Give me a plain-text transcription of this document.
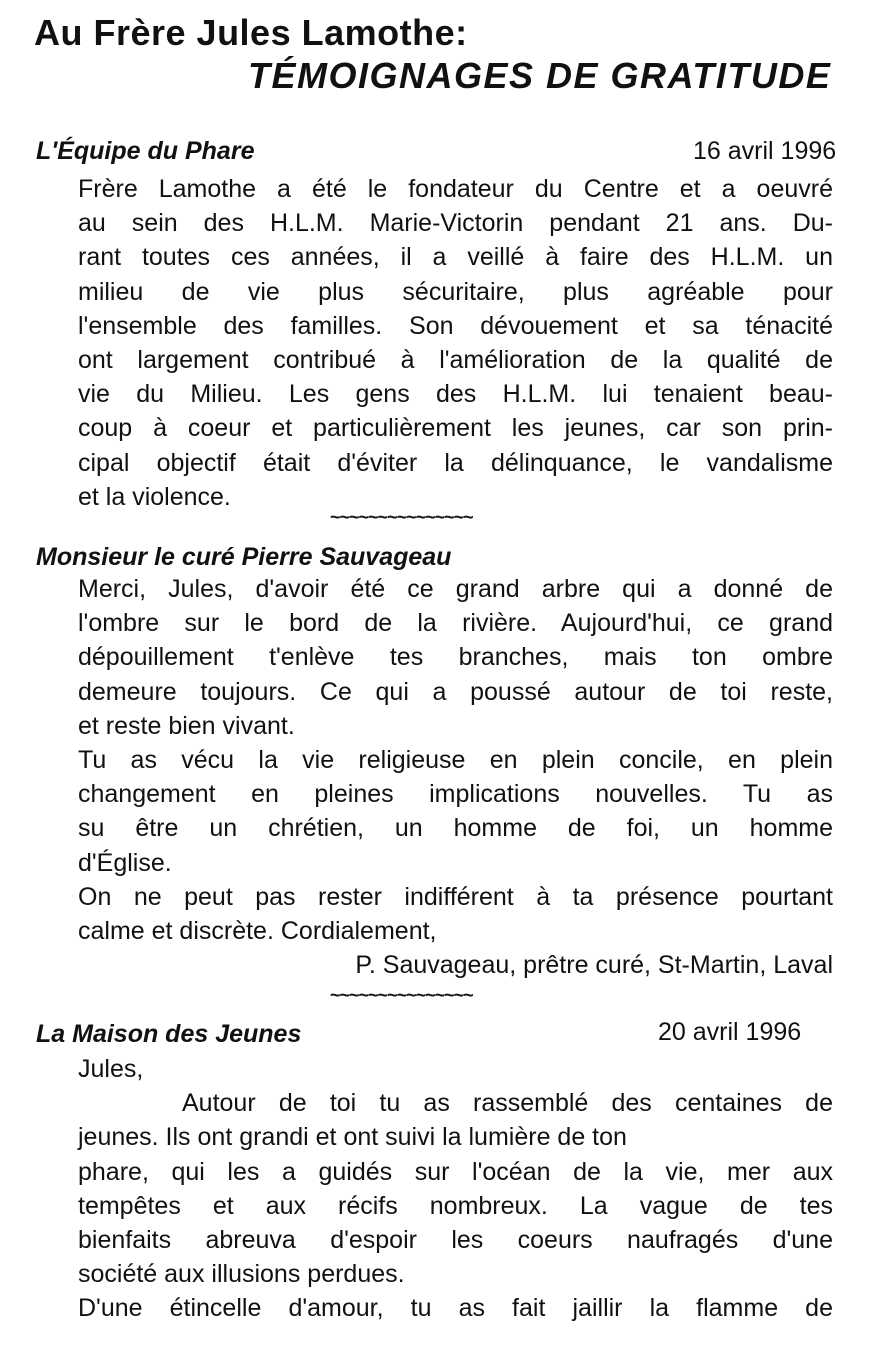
Au Frère Jules Lamothe:
TÉMOIGNAGES DE GRATITUDE
L'Équipe du Phare	16 avril 1996
Frère Lamothe a été le fondateur du Centre et a oeuvré
au sein des H.L.M. Marie-Victorin pendant 21 ans. Du-
rant toutes ces années, il a veillé à faire des H.L.M. un
milieu de vie plus sécuritaire, plus agréable pour
l'ensemble des familles. Son dévouement et sa ténacité
ont largement contribué à l'amélioration de la qualité de
vie du Milieu. Les gens des H.L.M. lui tenaient beau-
coup à coeur et particulièrement les jeunes, car son prin-
cipal objectif était d'éviter la délinquance, le vandalisme
et la violence.
~~~~~~~~~~~~~~~
Monsieur le curé Pierre Sauvageau
Merci, Jules, d'avoir été ce grand arbre qui a donné de
l'ombre sur le bord de la rivière. Aujourd'hui, ce grand
dépouillement t'enlève tes branches, mais ton ombre
demeure toujours. Ce qui a poussé autour de toi reste,
et reste bien vivant.
Tu as vécu la vie religieuse en plein concile, en plein
changement en pleines implications nouvelles. Tu as
su être un chrétien, un homme de foi, un homme
d'Église.
On ne peut pas rester indifférent à ta présence pourtant
calme et discrète. Cordialement,
P. Sauvageau, prêtre curé, St-Martin, Laval
~~~~~~~~~~~~~~~
La Maison des Jeunes	20 avril 1996
Jules,
Autour de toi tu as rassemblé des centaines de
jeunes. Ils ont grandi et ont suivi la lumière de ton
phare, qui les a guidés sur l'océan de la vie, mer aux
tempêtes et aux récifs nombreux. La vague de tes
bienfaits abreuva d'espoir les coeurs naufragés d'une
société aux illusions perdues.
D'une étincelle d'amour, tu as fait jaillir la flamme de
